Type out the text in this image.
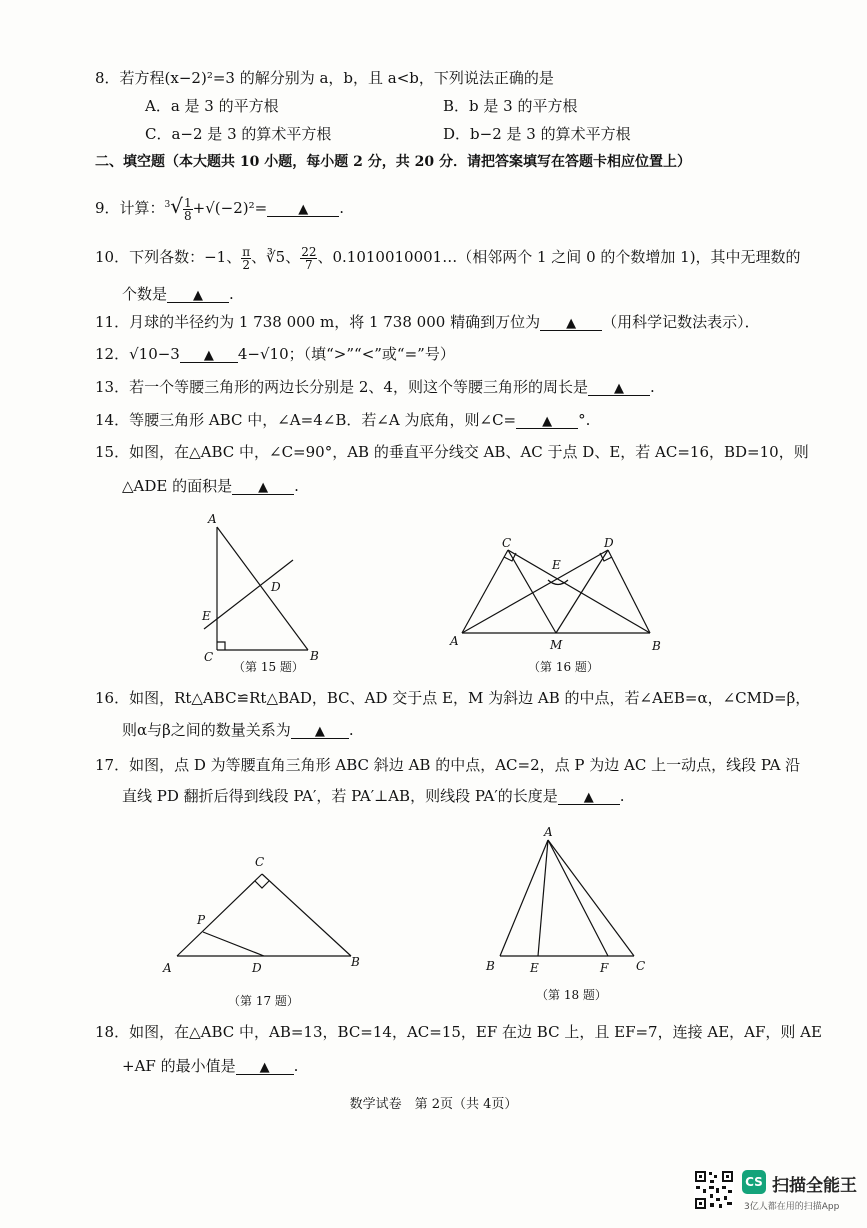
8．若方程(x−2)²=3 的解分别为 a，b，且 a<b，下列说法正确的是
A．a 是 3 的平方根	B．b 是 3 的平方根
C．a−2 是 3 的算术平方根	D．b−2 是 3 的算术平方根
二、填空题（本大题共 10 小题，每小题 2 分，共 20 分．请把答案填写在答题卡相应位置上）
9．计算：$^3√ \frac{1}{8} +√(-2)^2=$ ▲ .
10．下列各数：−1、 $\frac{\pi}{2}$ 、∛5、 $\frac{22}{7}$ 、0.1010010001…（相邻两个 1 之间 0 的个数增加 1)，其中无理数的
个数是 ▲ .
11．月球的半径约为 1 738 000 m，将 1 738 000 精确到万位为 ▲ （用科学记数法表示）．
12．√10−3 ▲ 4−√10；（填“>”“<”或“=”号）
13．若一个等腰三角形的两边长分别是 2、4，则这个等腰三角形的周长是 ▲ .
14．等腰三角形 ABC 中，∠A=4∠B．若∠A 为底角，则∠C= ▲ °.
15．如图，在△ABC 中，∠C=90°，AB 的垂直平分线交 AB、AC 于点 D、E，若 AC=16，BD=10，则
△ADE 的面积是 ▲ .
A
B
C
D
E
（第 15 题）
A	B
C	D
E
M
（第 16 题）
16．如图，Rt△ABC≌Rt△BAD，BC、AD 交于点 E，M 为斜边 AB 的中点，若∠AEB=α，∠CMD=β，
则α与β之间的数量关系为 ▲ .
17．如图，点 D 为等腰直角三角形 ABC 斜边 AB 的中点，AC=2，点 P 为边 AC 上一动点，线段 PA 沿
直线 PD 翻折后得到线段 PA′，若 PA′⊥AB，则线段 PA′的长度是 ▲ .
A	B
C
D
P
（第 17 题）
A
B	C
E	F
（第 18 题）
18．如图，在△ABC 中，AB=13，BC=14，AC=15，EF 在边 BC 上，且 EF=7，连接 AE，AF，则 AE
+AF 的最小值是 ▲ .
数学试卷　第 2页（共 4页）
CS 扫描全能王
3亿人都在用的扫描App
